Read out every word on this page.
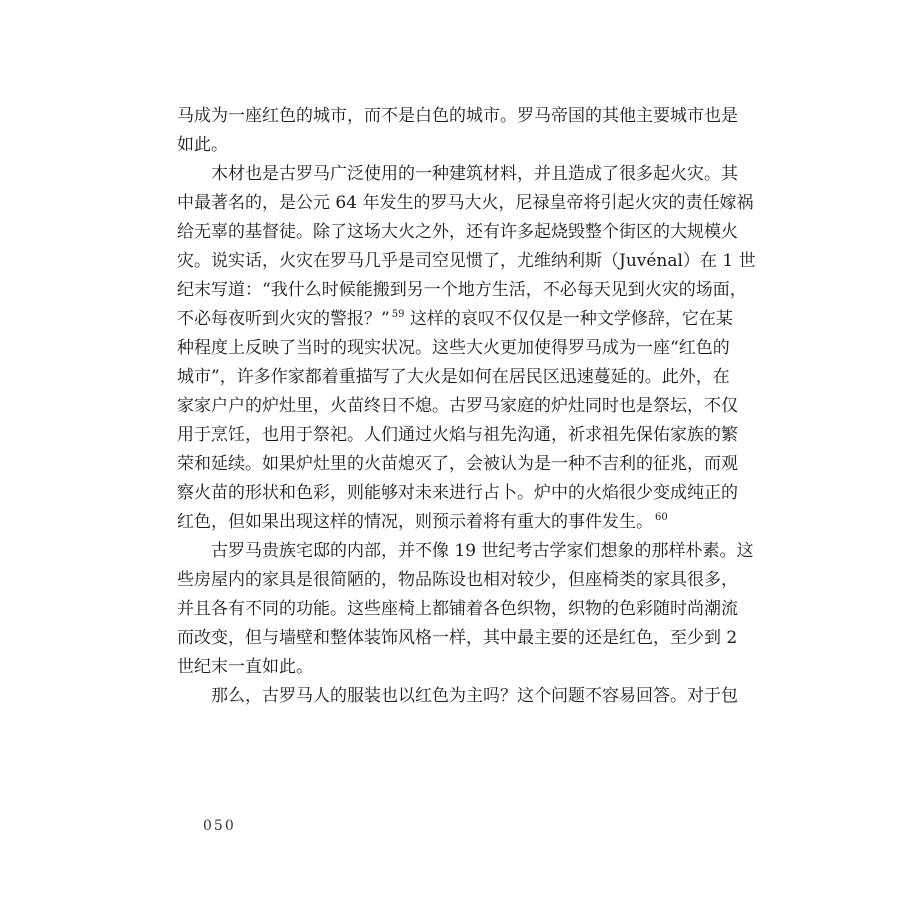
马成为一座红色的城市，而不是白色的城市。罗马帝国的其他主要城市也是
如此。
木材也是古罗马广泛使用的一种建筑材料，并且造成了很多起火灾。其
中最著名的，是公元 64 年发生的罗马大火，尼禄皇帝将引起火灾的责任嫁祸
给无辜的基督徒。除了这场大火之外，还有许多起烧毁整个街区的大规模火
灾。说实话，火灾在罗马几乎是司空见惯了，尤维纳利斯（Juvénal）在 1 世
纪末写道：“我什么时候能搬到另一个地方生活，不必每天见到火灾的场面，
不必每夜听到火灾的警报？” $^{59}$ 这样的哀叹不仅仅是一种文学修辞，它在某
种程度上反映了当时的现实状况。这些大火更加使得罗马成为一座“红色的
城市”，许多作家都着重描写了大火是如何在居民区迅速蔓延的。此外，在
家家户户的炉灶里，火苗终日不熄。古罗马家庭的炉灶同时也是祭坛，不仅
用于烹饪，也用于祭祀。人们通过火焰与祖先沟通，祈求祖先保佑家族的繁
荣和延续。如果炉灶里的火苗熄灭了，会被认为是一种不吉利的征兆，而观
察火苗的形状和色彩，则能够对未来进行占卜。炉中的火焰很少变成纯正的
红色，但如果出现这样的情况，则预示着将有重大的事件发生。 $^{60}$
古罗马贵族宅邸的内部，并不像 19 世纪考古学家们想象的那样朴素。这
些房屋内的家具是很简陋的，物品陈设也相对较少，但座椅类的家具很多，
并且各有不同的功能。这些座椅上都铺着各色织物，织物的色彩随时尚潮流
而改变，但与墙壁和整体装饰风格一样，其中最主要的还是红色，至少到 2
世纪末一直如此。
那么，古罗马人的服装也以红色为主吗？这个问题不容易回答。对于包
050
